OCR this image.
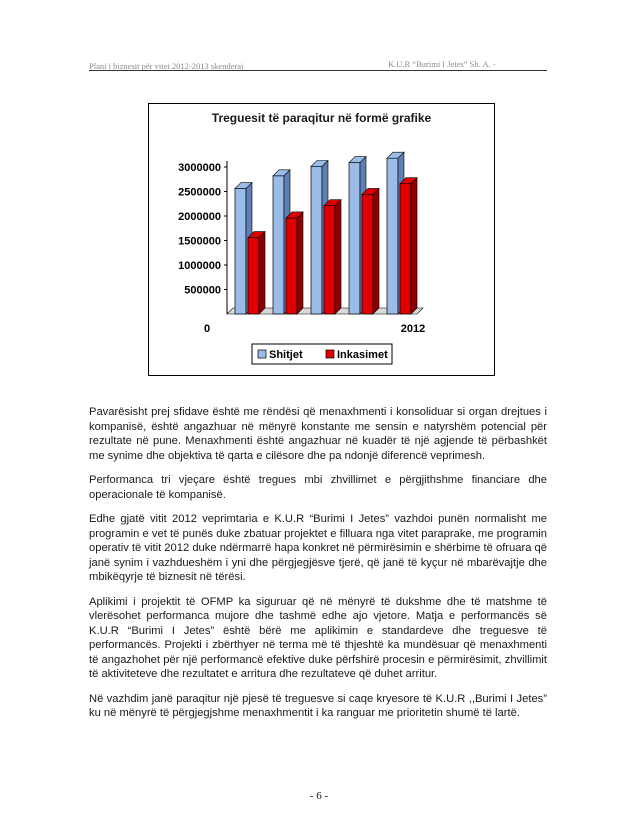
Plani i biznesit për vitet 2012-2013 skenderaj	K.U.R “Burimi I Jetes” Sh. A. -
Treguesit të paraqitur në formë grafike
500000
1000000
1500000
2000000
2500000
3000000
0	2012
Shitjet	Inkasimet

Pavarësisht prej sfidave është me rëndësi që menaxhmenti i konsoliduar si organ drejtues i kompanisë, është angazhuar në mënyrë konstante me sensin e natyrshëm potencial për rezultate në pune. Menaxhmenti është angazhuar në kuadër të një agjende të përbashkët me synime dhe objektiva të qarta e cilësore dhe pa ndonjë diferencë veprimesh.

Performanca tri vjeçare është tregues mbi zhvillimet e përgjithshme financiare dhe operacionale të kompanisë.

Edhe gjatë vitit 2012 veprimtaria e K.U.R “Burimi I Jetes” vazhdoi punën normalisht me programin e vet të punës duke zbatuar projektet e filluara nga vitet paraprake, me programin operativ të vitit 2012 duke ndërmarrë hapa konkret në përmirësimin e shërbime të ofruara që janë synim i vazhdueshëm i yni dhe përgjegjësve tjerë, që janë të kyçur në mbarëvajtje dhe mbikëqyrje të biznesit në tërësi.

Aplikimi i projektit të OFMP ka siguruar që në mënyrë të dukshme dhe të matshme të vlerësohet performanca mujore dhe tashmë edhe ajo vjetore. Matja e performancës së K.U.R “Burimi I Jetes” është bërë me aplikimin e standardeve dhe treguesve të performancës. Projekti i zbërthyer në terma më të thjeshtë ka mundësuar që menaxhmenti të angazhohet për një performancë efektive duke përfshirë procesin e përmirësimit, zhvillimit të aktiviteteve dhe rezultatet e arritura dhe rezultateve që duhet arritur.

Në vazhdim janë paraqitur një pjesë të treguesve si caqe kryesore të K.U.R ,,Burimi I Jetes” ku në mënyrë të përgjegjshme menaxhmentit i ka ranguar me prioritetin shumë të lartë.

- 6 -
